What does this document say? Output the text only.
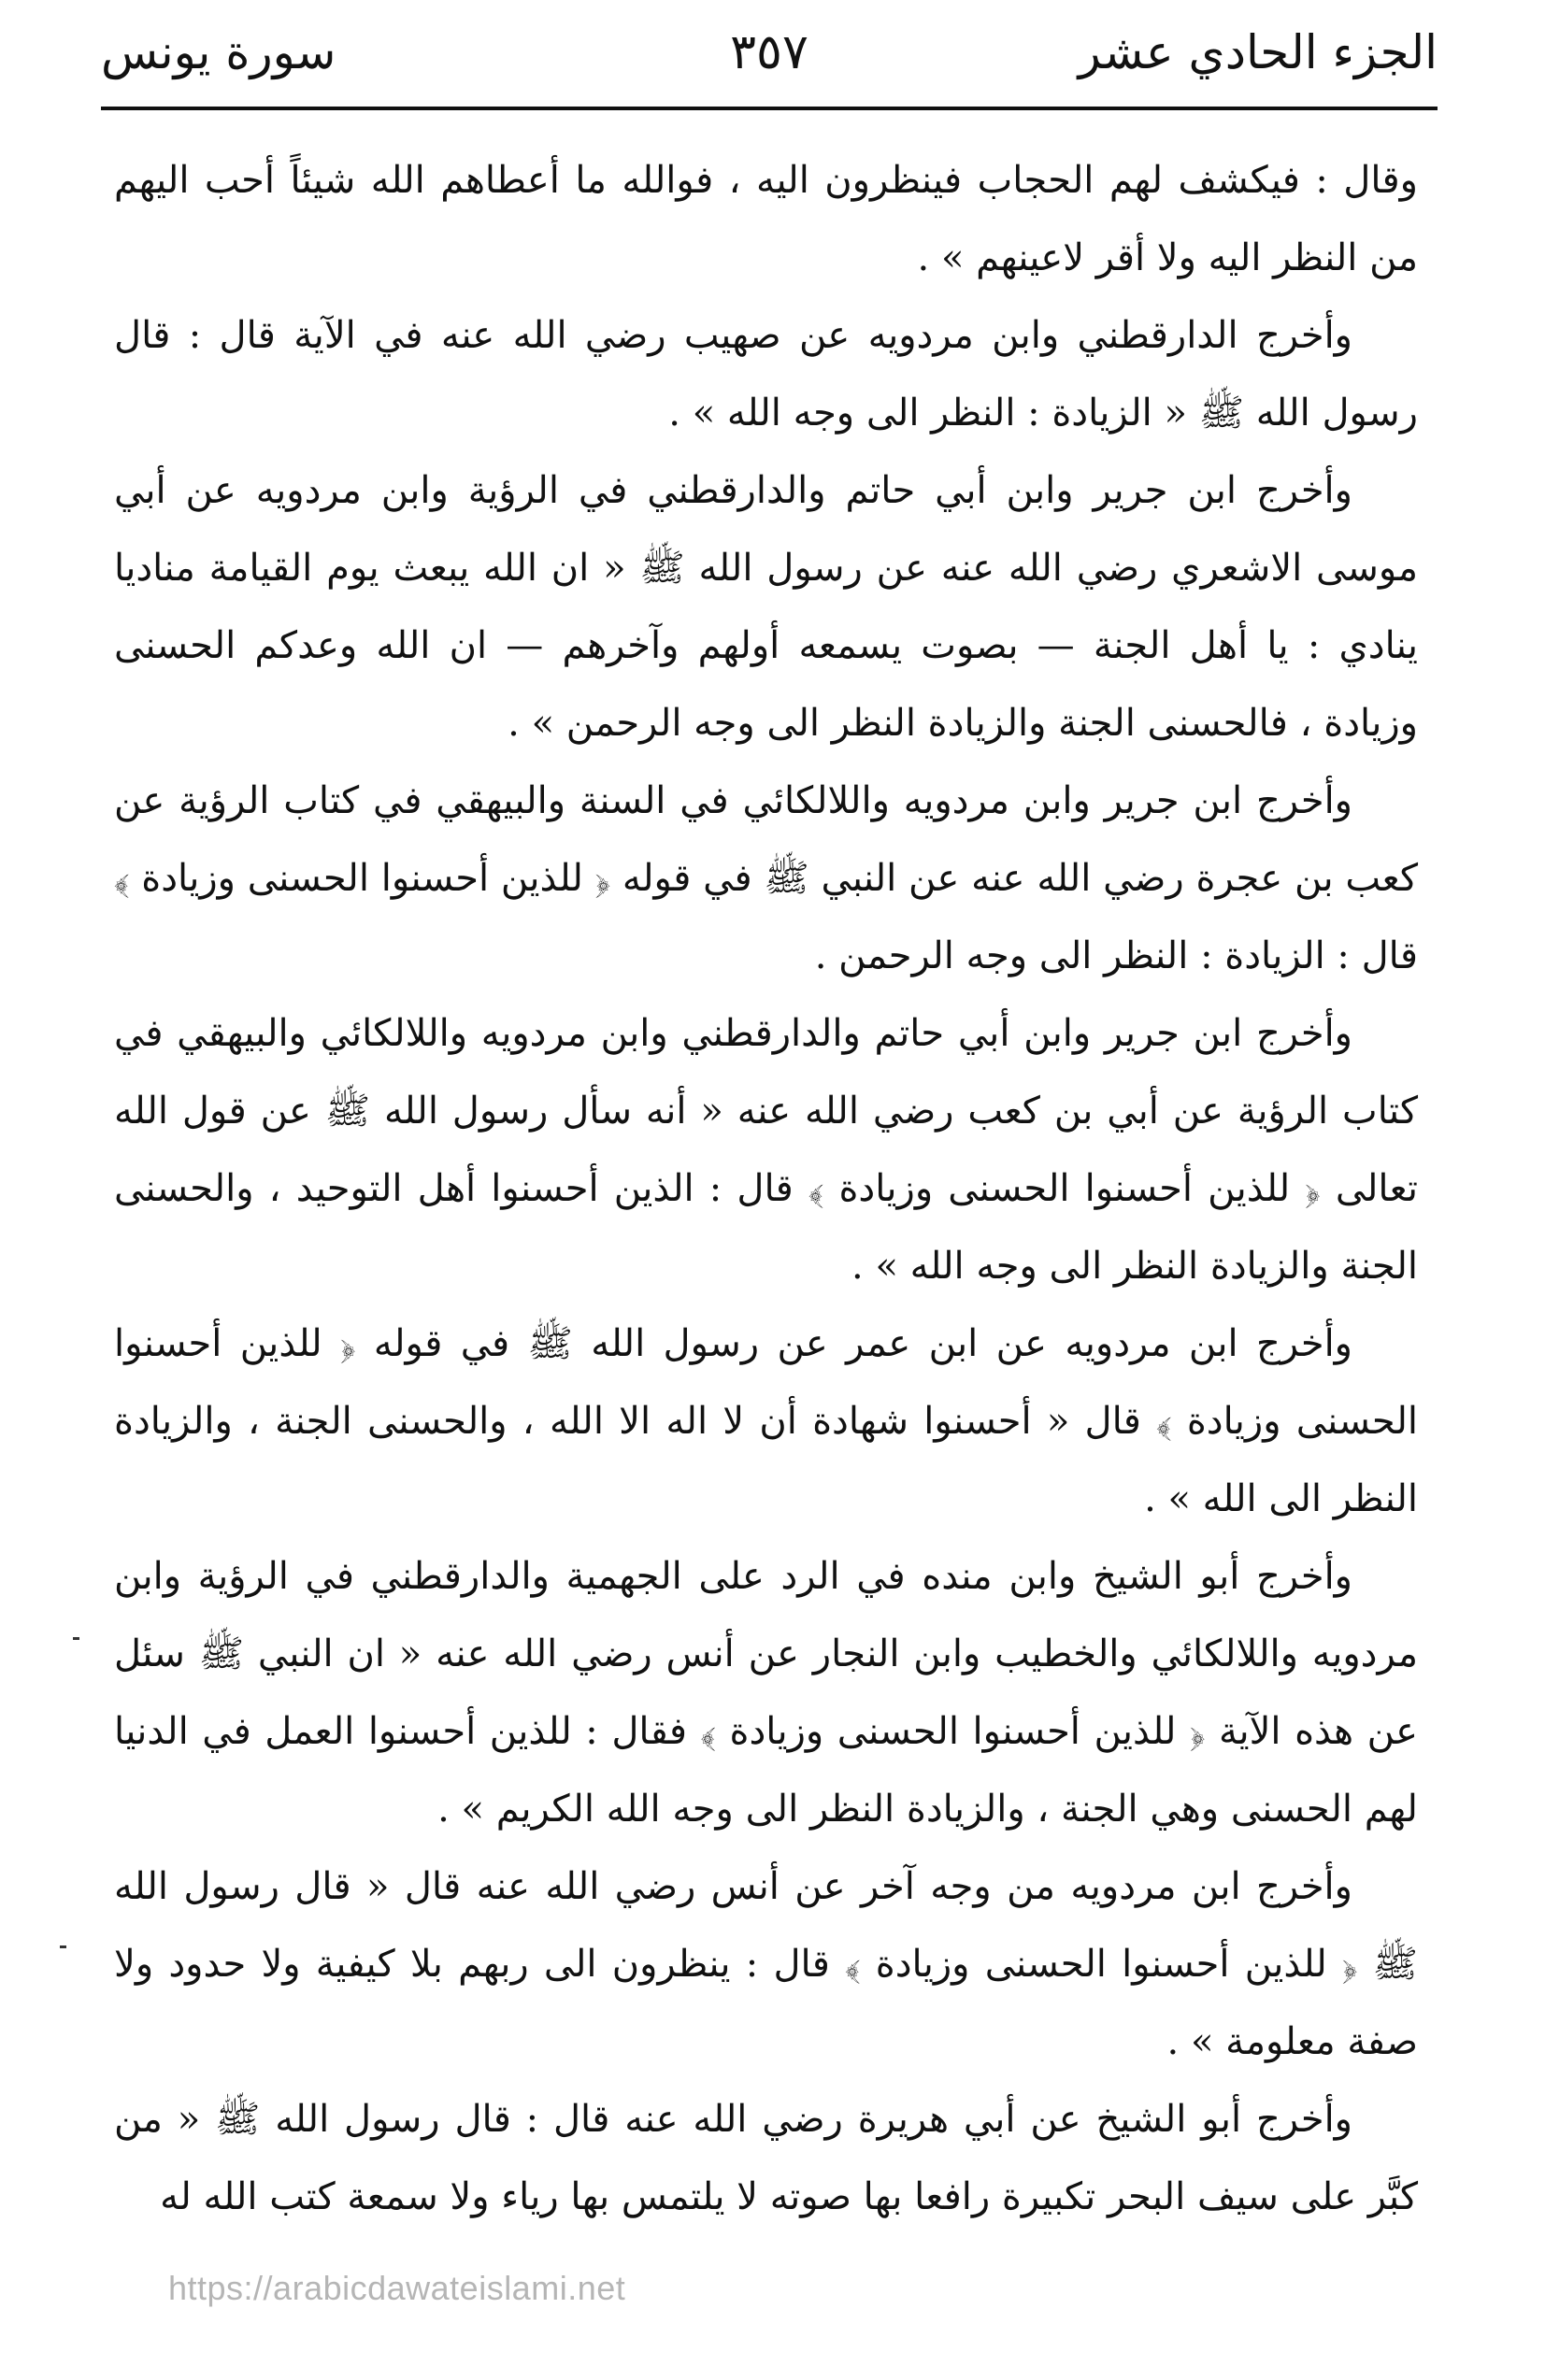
الجزء الحادي عشر
٣٥٧
سورة يونس

وقال : فيكشف لهم الحجاب فينظرون اليه ، فوالله ما أعطاهم الله شيئاً أحب اليهم من النظر اليه ولا أقر لاعينهم » .

وأخرج الدارقطني وابن مردويه عن صهيب رضي الله عنه في الآية قال : قال رسول الله ﷺ « الزيادة : النظر الى وجه الله » .

وأخرج ابن جرير وابن أبي حاتم والدارقطني في الرؤية وابن مردويه عن أبي موسى الاشعري رضي الله عنه عن رسول الله ﷺ « ان الله يبعث يوم القيامة مناديا ينادي : يا أهل الجنة — بصوت يسمعه أولهم وآخرهم — ان الله وعدكم الحسنى وزيادة ، فالحسنى الجنة والزيادة النظر الى وجه الرحمن » .

وأخرج ابن جرير وابن مردويه واللالكائي في السنة والبيهقي في كتاب الرؤية عن كعب بن عجرة رضي الله عنه عن النبي ﷺ في قوله ﴿ للذين أحسنوا الحسنى وزيادة ﴾ قال : الزيادة : النظر الى وجه الرحمن .

وأخرج ابن جرير وابن أبي حاتم والدارقطني وابن مردويه واللالكائي والبيهقي في كتاب الرؤية عن أبي بن كعب رضي الله عنه « أنه سأل رسول الله ﷺ عن قول الله تعالى ﴿ للذين أحسنوا الحسنى وزيادة ﴾ قال : الذين أحسنوا أهل التوحيد ، والحسنى الجنة والزيادة النظر الى وجه الله » .

وأخرج ابن مردويه عن ابن عمر عن رسول الله ﷺ في قوله ﴿ للذين أحسنوا الحسنى وزيادة ﴾ قال « أحسنوا شهادة أن لا اله الا الله ، والحسنى الجنة ، والزيادة النظر الى الله » .

وأخرج أبو الشيخ وابن منده في الرد على الجهمية والدارقطني في الرؤية وابن مردويه واللالكائي والخطيب وابن النجار عن أنس رضي الله عنه « ان النبي ﷺ سئل عن هذه الآية ﴿ للذين أحسنوا الحسنى وزيادة ﴾ فقال : للذين أحسنوا العمل في الدنيا لهم الحسنى وهي الجنة ، والزيادة النظر الى وجه الله الكريم » .

وأخرج ابن مردويه من وجه آخر عن أنس رضي الله عنه قال « قال رسول الله ﷺ ﴿ للذين أحسنوا الحسنى وزيادة ﴾ قال : ينظرون الى ربهم بلا كيفية ولا حدود ولا صفة معلومة » .

وأخرج أبو الشيخ عن أبي هريرة رضي الله عنه قال : قال رسول الله ﷺ « من كبَّر على سيف البحر تكبيرة رافعا بها صوته لا يلتمس بها رياء ولا سمعة كتب الله له

https://arabicdawateislami.net
